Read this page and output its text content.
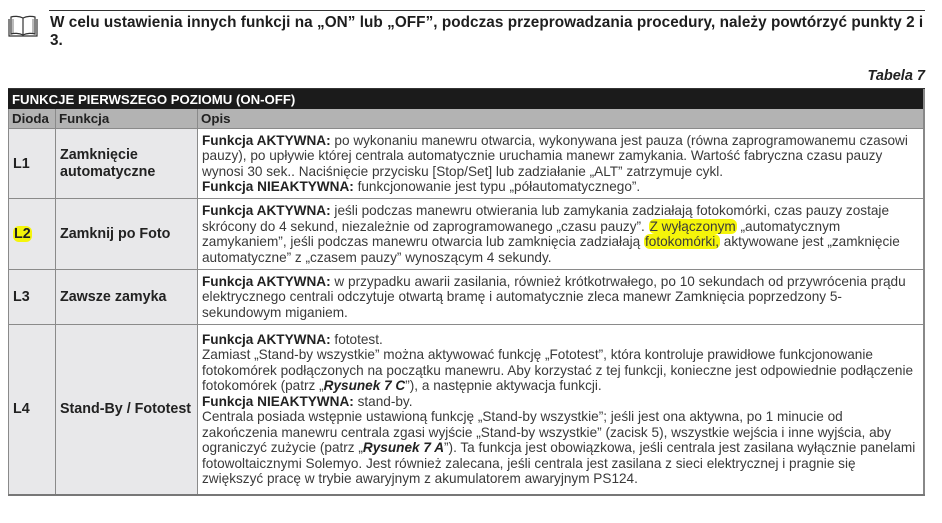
W celu ustawienia innych funkcji na „ON” lub „OFF”, podczas przeprowadzania procedury, należy powtórzyć punkty 2 i 3.
Tabela 7
FUNKCJE PIERWSZEGO POZIOMU (ON-OFF)		
Dioda	Funkcja	Opis
L1	Zamknięcie automatyczne	Funkcja AKTYWNA: po wykonaniu manewru otwarcia, wykonywana jest pauza (równa zaprogramowanemu czasowi pauzy), po upływie której centrala automatycznie uruchamia manewr zamykania. Wartość fabryczna czasu pauzy wynosi 30 sek.. Naciśnięcie przycisku [Stop/Set] lub zadziałanie „ALT” zatrzymuje cykl.
Funkcja NIEAKTYWNA: funkcjonowanie jest typu „półautomatycznego”.
L2	Zamknij po Foto	Funkcja AKTYWNA: jeśli podczas manewru otwierania lub zamykania zadziałają fotokomórki, czas pauzy zostaje skrócony do 4 sekund, niezależnie od zaprogramowanego „czasu pauzy”. Z wyłączonym „automatycznym zamykaniem”, jeśli podczas manewru otwarcia lub zamknięcia zadziałają fotokomórki, aktywowane jest „zamknięcie automatyczne” z „czasem pauzy” wynoszącym 4 sekundy.
L3	Zawsze zamyka	Funkcja AKTYWNA: w przypadku awarii zasilania, również krótkotrwałego, po 10 sekundach od przywrócenia prądu elektrycznego centrali odczytuje otwartą bramę i automatycznie zleca manewr Zamknięcia poprzedzony 5-sekundowym miganiem.
L4	Stand-By / Fototest	Funkcja AKTYWNA: fototest.
Zamiast „Stand-by wszystkie” można aktywować funkcję „Fototest”, która kontroluje prawidłowe funkcjonowanie fotokomórek podłączonych na początku manewru. Aby korzystać z tej funkcji, konieczne jest odpowiednie podłączenie fotokomórek (patrz „Rysunek 7 C”), a następnie aktywacja funkcji.
Funkcja NIEAKTYWNA: stand-by.
Centrala posiada wstępnie ustawioną funkcję „Stand-by wszystkie”; jeśli jest ona aktywna, po 1 minucie od zakończenia manewru centrala zgasi wyjście „Stand-by wszystkie” (zacisk 5), wszystkie wejścia i inne wyjścia, aby ograniczyć zużycie (patrz „Rysunek 7 A”). Ta funkcja jest obowiązkowa, jeśli centrala jest zasilana wyłącznie panelami fotowoltaicznymi Solemyo. Jest również zalecana, jeśli centrala jest zasilana z sieci elektrycznej i pragnie się zwiększyć pracę w trybie awaryjnym z akumulatorem awaryjnym PS124.
